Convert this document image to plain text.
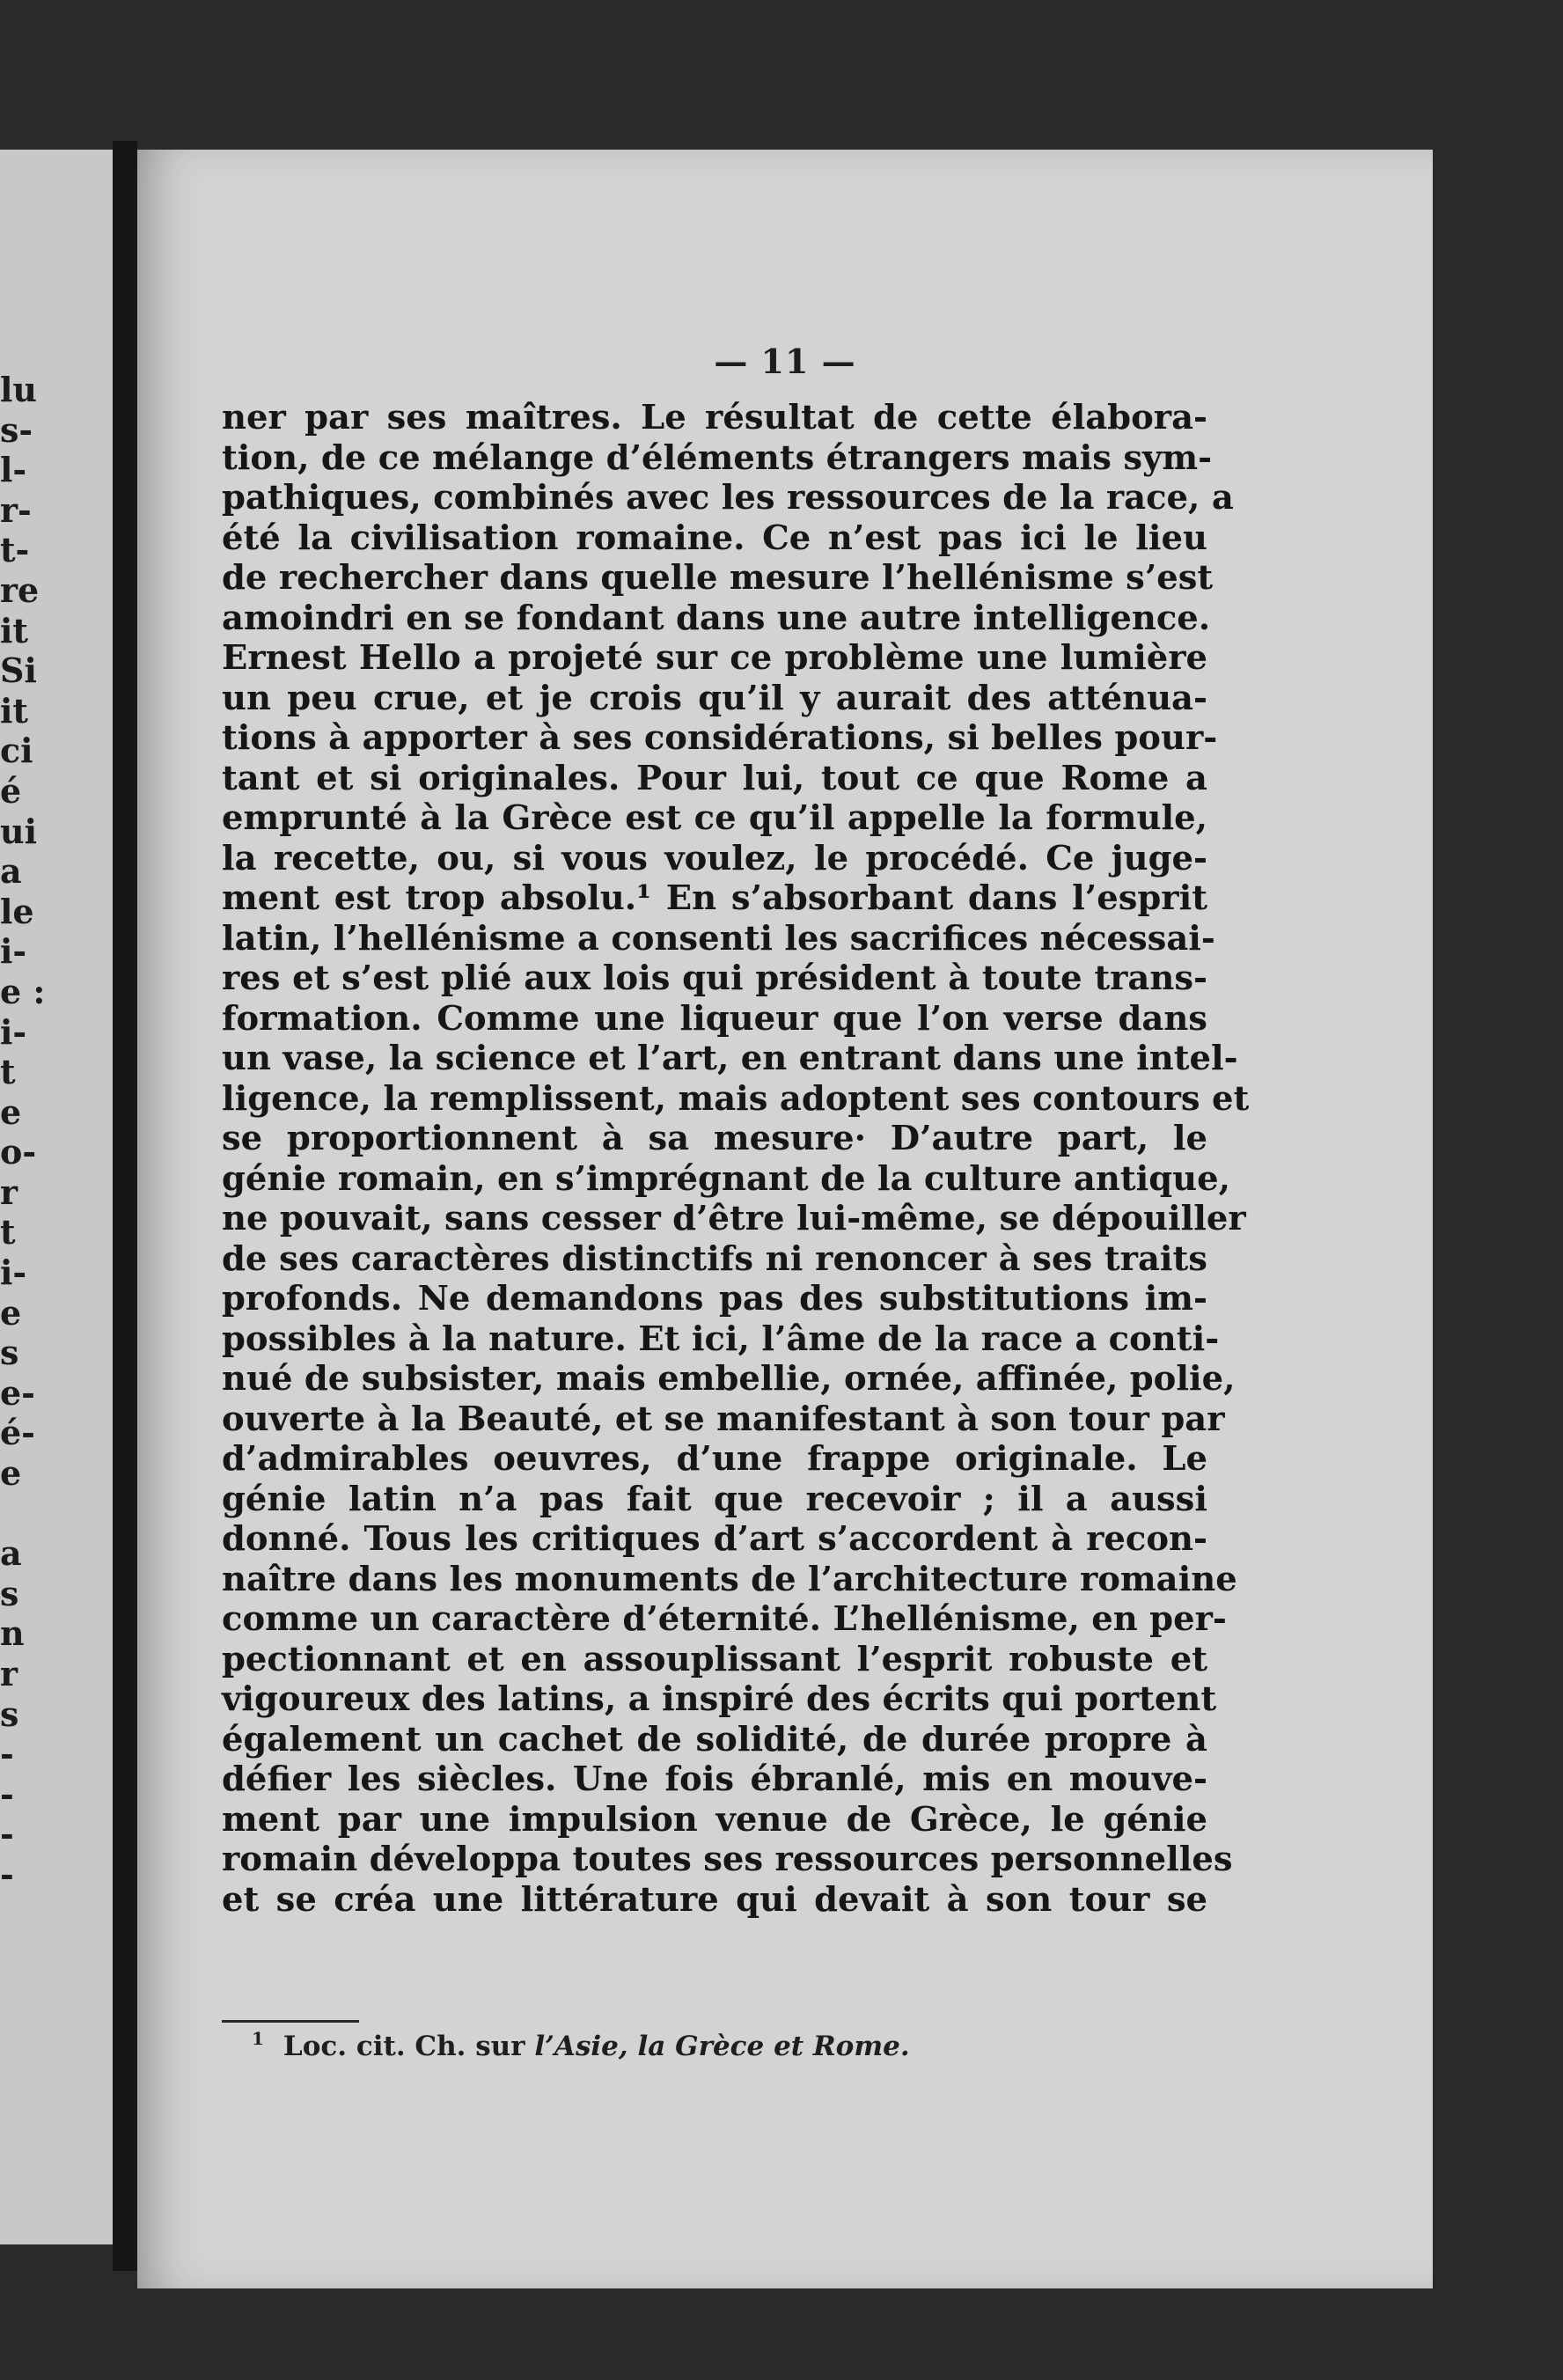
lu
s-
l-
r-
t-
re
it
Si
it
ci
é
ui
a
le
i-
e :
i-
t
e
o-
r
t
i-
e
s
e-
é-
e
a
s
n
r
s
-
-
-
-
— 11 —
ner par ses maîtres. Le résultat de cette élabora-
tion, de ce mélange d’éléments étrangers mais sym-
pathiques, combinés avec les ressources de la race, a
été la civilisation romaine. Ce n’est pas ici le lieu
de rechercher dans quelle mesure l’hellénisme s’est
amoindri en se fondant dans une autre intelligence.
Ernest Hello a projeté sur ce problème une lumière
un peu crue, et je crois qu’il y aurait des atténua-
tions à apporter à ses considérations, si belles pour-
tant et si originales. Pour lui, tout ce que Rome a
emprunté à la Grèce est ce qu’il appelle la formule,
la recette, ou, si vous voulez, le procédé. Ce juge-
ment est trop absolu.¹ En s’absorbant dans l’esprit
latin, l’hellénisme a consenti les sacrifices nécessai-
res et s’est plié aux lois qui président à toute trans-
formation. Comme une liqueur que l’on verse dans
un vase, la science et l’art, en entrant dans une intel-
ligence, la remplissent, mais adoptent ses contours et
se proportionnent à sa mesure· D’autre part, le
génie romain, en s’imprégnant de la culture antique,
ne pouvait, sans cesser d’être lui-même, se dépouiller
de ses caractères distinctifs ni renoncer à ses traits
profonds. Ne demandons pas des substitutions im-
possibles à la nature. Et ici, l’âme de la race a conti-
nué de subsister, mais embellie, ornée, affinée, polie,
ouverte à la Beauté, et se manifestant à son tour par
d’admirables oeuvres, d’une frappe originale. Le
génie latin n’a pas fait que recevoir ; il a aussi
donné. Tous les critiques d’art s’accordent à recon-
naître dans les monuments de l’architecture romaine
comme un caractère d’éternité. L’hellénisme, en per-
pectionnant et en assouplissant l’esprit robuste et
vigoureux des latins, a inspiré des écrits qui portent
également un cachet de solidité, de durée propre à
défier les siècles. Une fois ébranlé, mis en mouve-
ment par une impulsion venue de Grèce, le génie
romain développa toutes ses ressources personnelles
et se créa une littérature qui devait à son tour se
$^1$ Loc. cit. Ch. sur l’Asie, la Grèce et Rome.
